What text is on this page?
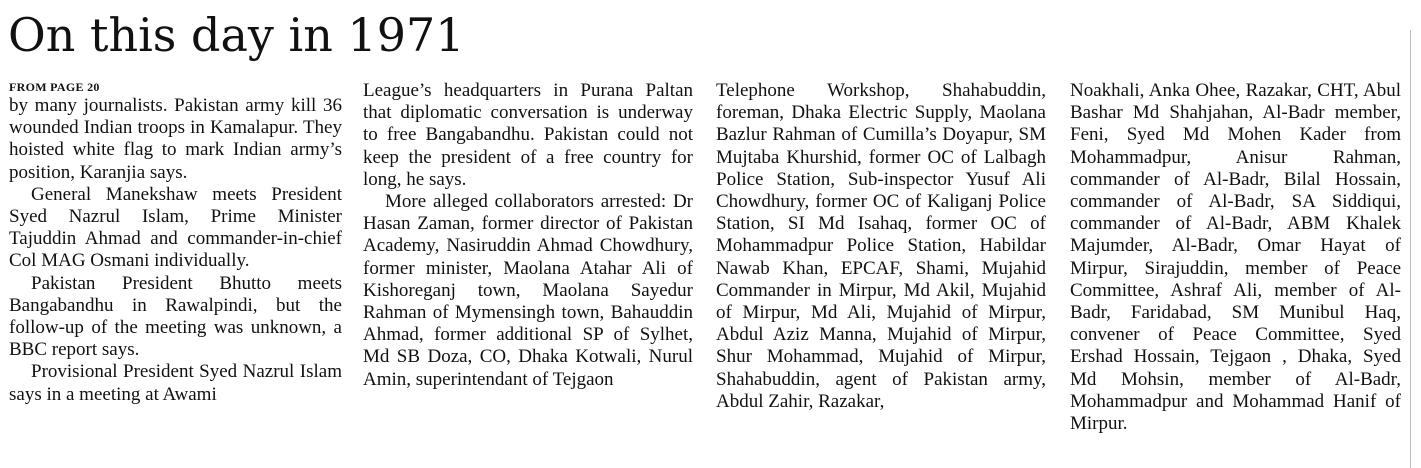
On this day in 1971
FROM PAGE 20

by many journalists. Pakistan army kill 36 wounded Indian troops in Kamalapur. They hoisted white flag to mark Indian army’s position, Karanjia says.

General Manekshaw meets President Syed Nazrul Islam, Prime Minister Tajuddin Ahmad and commander-in-chief Col MAG Osmani individually.

Pakistan President Bhutto meets Bangabandhu in Rawalpindi, but the follow-up of the meeting was unknown, a BBC report says.

Provisional President Syed Nazrul Islam says in a meeting at Awami

League’s headquarters in Purana Paltan that diplomatic conversation is underway to free Bangabandhu. Pakistan could not keep the president of a free country for long, he says.

More alleged collaborators arrested: Dr Hasan Zaman, former director of Pakistan Academy, Nasiruddin Ahmad Chowdhury, former minister, Maolana Atahar Ali of Kishoreganj town, Maolana Sayedur Rahman of Mymensingh town, Bahauddin Ahmad, former additional SP of Sylhet, Md SB Doza, CO, Dhaka Kotwali, Nurul Amin, superintendant of Tejgaon

Telephone Workshop, Shahabuddin, foreman, Dhaka Electric Supply, Maolana Bazlur Rahman of Cumilla’s Doyapur, SM Mujtaba Khurshid, former OC of Lalbagh Police Station, Sub-inspector Yusuf Ali Chowdhury, former OC of Kaliganj Police Station, SI Md Isahaq, former OC of Mohammadpur Police Station, Habildar Nawab Khan, EPCAF, Shami, Mujahid Commander in Mirpur, Md Akil, Mujahid of Mirpur, Md Ali, Mujahid of Mirpur, Abdul Aziz Manna, Mujahid of Mirpur, Shur Mohammad, Mujahid of Mirpur, Shahabuddin, agent of Pakistan army, Abdul Zahir, Razakar,

Noakhali, Anka Ohee, Razakar, CHT, Abul Bashar Md Shahjahan, Al-Badr member, Feni, Syed Md Mohen Kader from Mohammadpur, Anisur Rahman, commander of Al-Badr, Bilal Hossain, commander of Al-Badr, SA Siddiqui, commander of Al-Badr, ABM Khalek Majumder, Al-Badr, Omar Hayat of Mirpur, Sirajuddin, member of Peace Committee, Ashraf Ali, member of Al-Badr, Faridabad, SM Munibul Haq, convener of Peace Committee, Syed Ershad Hossain, Tejgaon , Dhaka, Syed Md Mohsin, member of Al-Badr, Mohammadpur and Mohammad Hanif of Mirpur.
